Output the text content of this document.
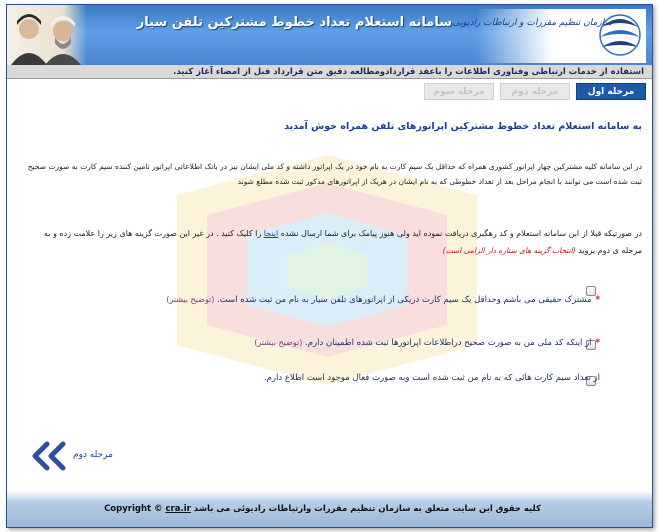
سامانه استعلام تعداد خطوط مشترکین تلفن سیار سازمان تنظیم مقررات و ارتباطات رادیویی
استفاده از خدمات ارتباطی وفناوری اطلاعات را باعقد قراردادومطالعه دقیق متن قرارداد قبل از امضاء آغاز کنید.
مرحله اول
مرحله دوم
مرحله سوم
به سامانه استعلام تعداد خطوط مشترکین اپراتورهای تلفن همراه خوش آمدید
در این سامانه کلیه مشترکین چهار اپراتور کشوری همراه که حداقل یک سیم کارت به نام خود در یک اپراتور داشته و کد ملی ایشان نیز در بانک اطلاعاتی اپراتور تامین کننده سیم کارت به صورت صحیح ثبت شده است می توانند با انجام مراحل بعد از تعداد خطوطی که به نام ایشان در هریک از اپراتورهای مذکور ثبت شده مطلع شوند
در صورتیکه قبلا از این سامانه استعلام و کد رهگیری دریافت نموده اید ولی هنوز پیامک برای شما ارسال نشده اینجا را کلیک کنید . در غیر این صورت گزینه های زیر را علامت زده و به مرحله ی دوم بروید (انتخاب گزینه های ستاره دار الزامی است)
*مشترک حقیقی می باشم وحداقل یک سیم کارت دریکی از اپراتورهای تلفن سیار به نام من ثبت شده است. (توضیح بیشتر)
*از اینکه کد ملی من به صورت صحیح دراطلاعات اپراتورها ثبت شده اطمینان دارم. (توضیح بیشتر)
از تعداد سیم کارت هائی که به نام من ثبت شده است وبه صورت فعال موجود است اطلاع دارم.
مرحله دوم
Copyright © cra.ir کلیه حقوق این سایت متعلق به سازمان تنظیم مقررات وارتباطات رادیوئی می باشد
